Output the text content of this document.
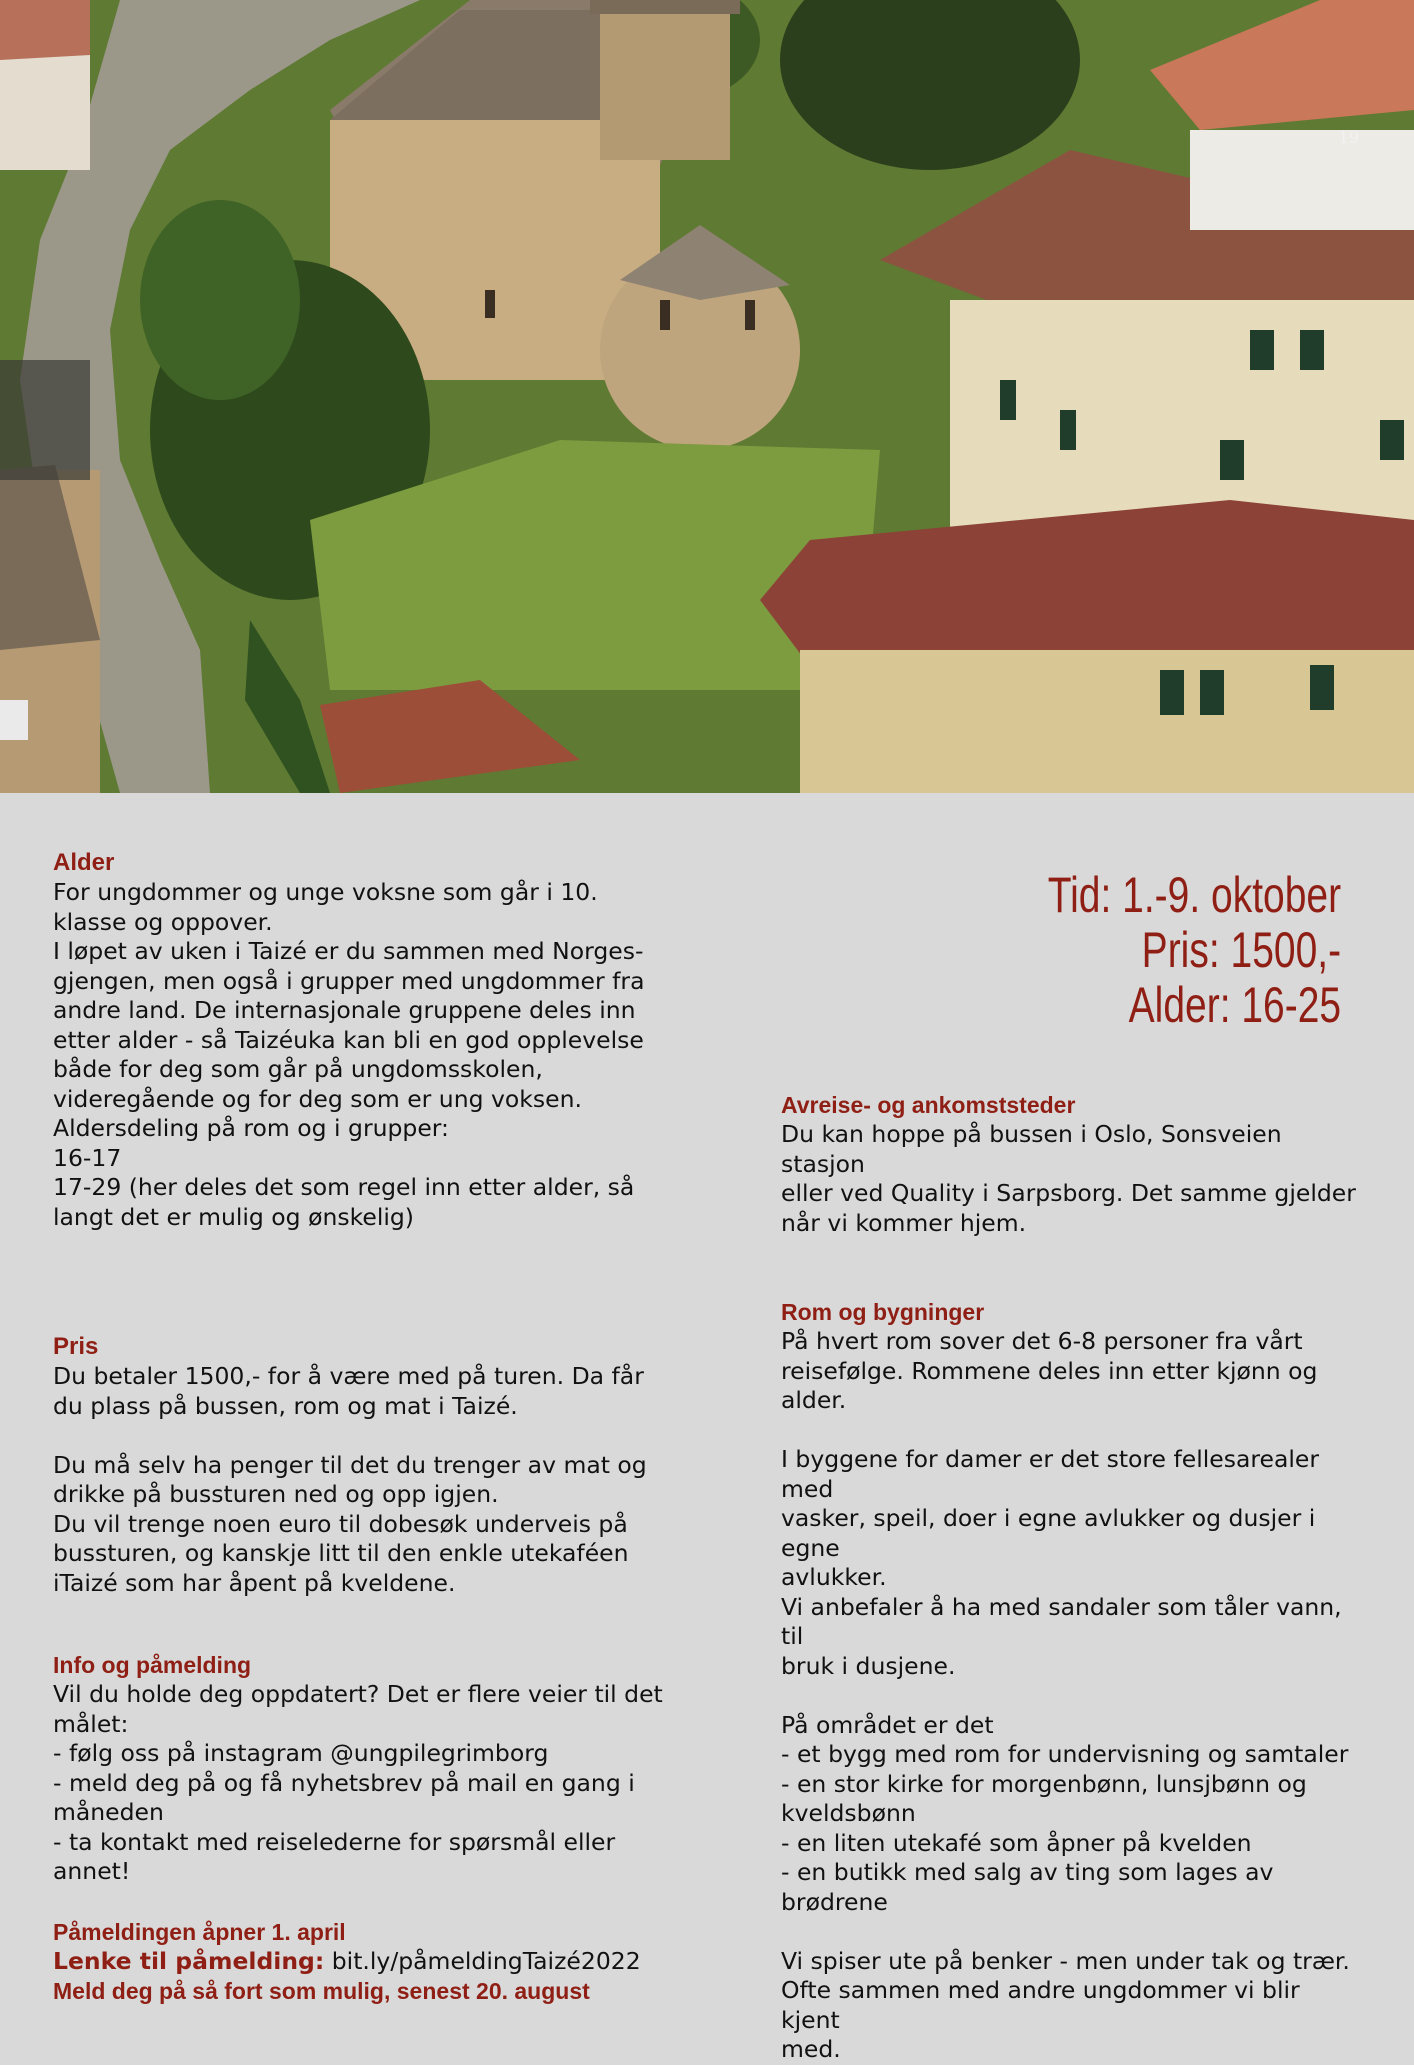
19
Tid: 1.-9. oktober
Pris: 1500,-
Alder: 16-25
Alder

For ungdommer og unge voksne som går i 10.
klasse og oppover.
I løpet av uken i Taizé er du sammen med Norges-
gjengen, men også i grupper med ungdommer fra
andre land. De internasjonale gruppene deles inn
etter alder - så Taizéuka kan bli en god opplevelse
både for deg som går på ungdomsskolen,
videregående og for deg som er ung voksen.
Aldersdeling på rom og i grupper:
16-17
17-29 (her deles det som regel inn etter alder, så
langt det er mulig og ønskelig)

Pris

Du betaler 1500,- for å være med på turen. Da får
du plass på bussen, rom og mat i Taizé.

Du må selv ha penger til det du trenger av mat og
drikke på bussturen ned og opp igjen.
Du vil trenge noen euro til dobesøk underveis på
bussturen, og kanskje litt til den enkle utekaféen
iTaizé som har åpent på kveldene.

Info og påmelding

Vil du holde deg oppdatert? Det er flere veier til det
målet:
- følg oss på instagram @ungpilegrimborg
- meld deg på og få nyhetsbrev på mail en gang i
måneden
- ta kontakt med reiselederne for spørsmål eller annet!

Påmeldingen åpner 1. april
Lenke til påmelding: bit.ly/påmeldingTaizé2022
Meld deg på så fort som mulig, senest 20. august
Avreise- og ankomststeder

Du kan hoppe på bussen i Oslo, Sonsveien stasjon
eller ved Quality i Sarpsborg. Det samme gjelder
når vi kommer hjem.

Rom og bygninger

På hvert rom sover det 6-8 personer fra vårt
reisefølge. Rommene deles inn etter kjønn og alder.

I byggene for damer er det store fellesarealer med
vasker, speil, doer i egne avlukker og dusjer i egne
avlukker.
Vi anbefaler å ha med sandaler som tåler vann, til
bruk i dusjene.

På området er det
- et bygg med rom for undervisning og samtaler
- en stor kirke for morgenbønn, lunsjbønn og
kveldsbønn
- en liten utekafé som åpner på kvelden
- en butikk med salg av ting som lages av brødrene

Vi spiser ute på benker - men under tak og trær.
Ofte sammen med andre ungdommer vi blir kjent
med.
